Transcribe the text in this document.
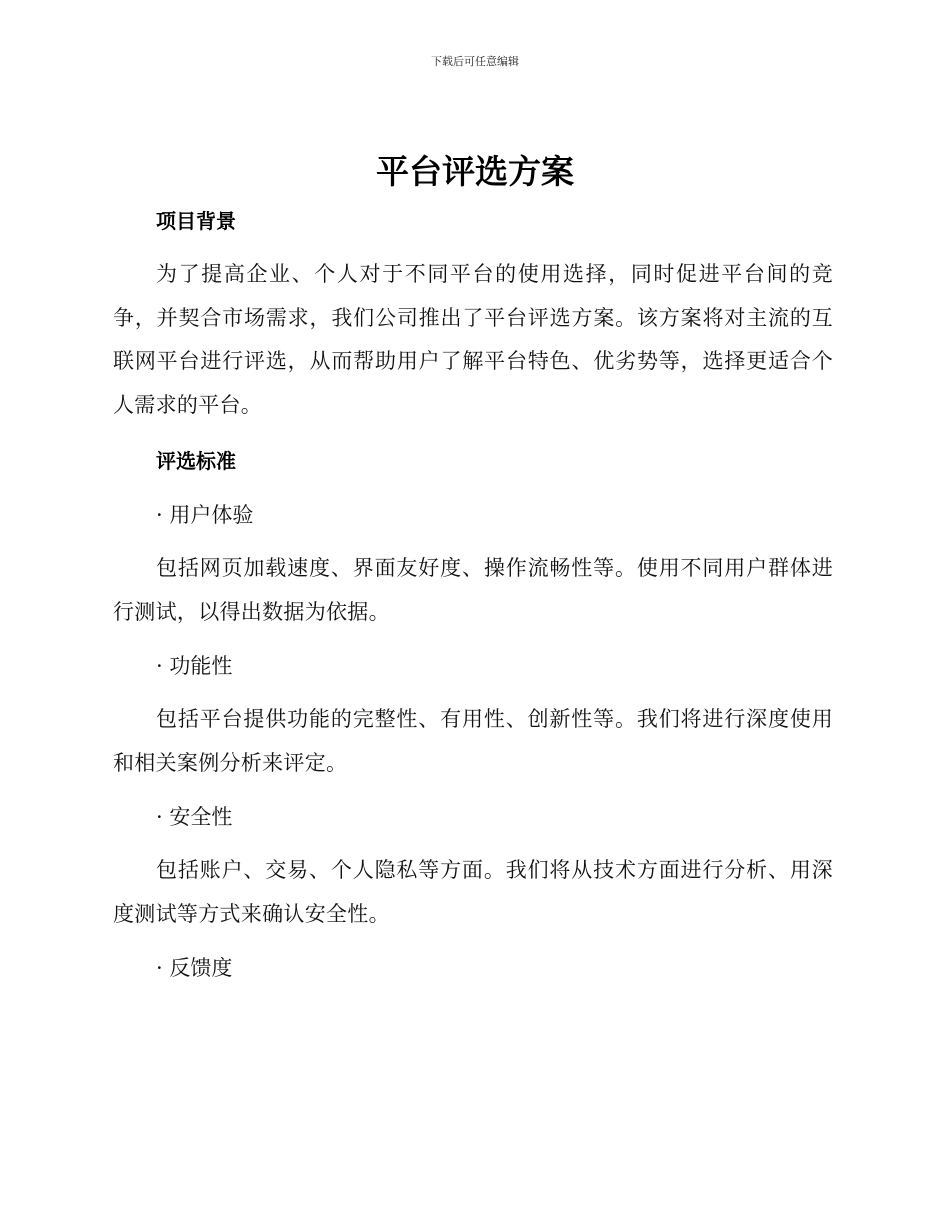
下载后可任意编辑
平台评选方案
项目背景

为了提高企业、个人对于不同平台的使用选择，同时促进平台间的竞争，并契合市场需求，我们公司推出了平台评选方案。该方案将对主流的互联网平台进行评选，从而帮助用户了解平台特色、优劣势等，选择更适合个人需求的平台。

评选标准

· 用户体验

包括网页加载速度、界面友好度、操作流畅性等。使用不同用户群体进行测试，以得出数据为依据。

· 功能性

包括平台提供功能的完整性、有用性、创新性等。我们将进行深度使用和相关案例分析来评定。

· 安全性

包括账户、交易、个人隐私等方面。我们将从技术方面进行分析、用深度测试等方式来确认安全性。

· 反馈度
